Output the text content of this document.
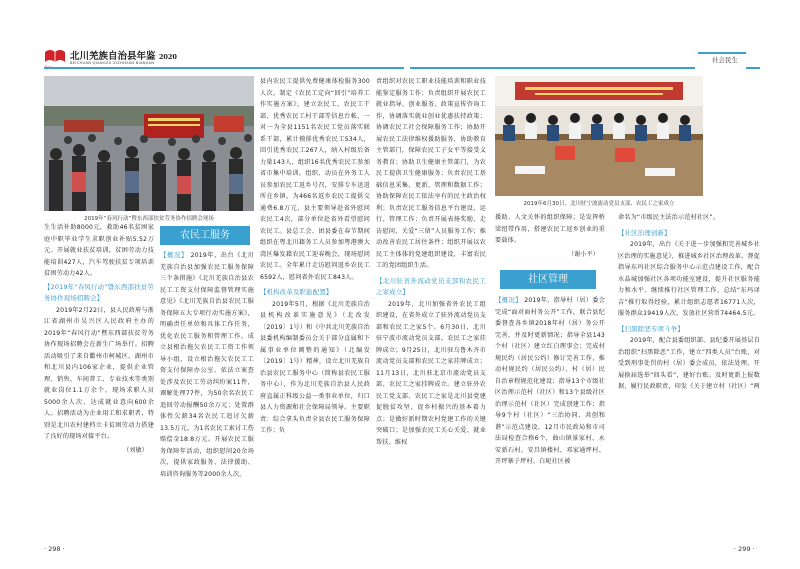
北川羌族自治县年鉴 2020
BEICHUAN QIANGZU ZIZHIXIAN NIANJIAN	社会民生
2019年“春风行动”暨东西部扶贫劳务协作招聘会现场

生生活补助8000元，救助46名贫困家庭中职毕业学生求职创业补贴5.52万元。开展就业扶贫培训，贫困劳动力技能培训427人，汽车驾驶扶贫专项培训贫困劳动力42人。

【2019年“春风行动”暨东西部扶贫劳务协作现场招聘会】

2019年2月22日，县人民政府与浙江省湖州市吴兴区人民政府主办的2019年“春风行动”暨东西部扶贫劳务协作现场招聘会在新生广场举行。招聘活动吸引了来自衢州市柯城区、湖州市和北川县内106家企业，提供企业管理、销售、车间普工、专业技术等类别就业岗位1.1万余个，现场求职人员5000余人次，达成就业意向600余人。招聘活动为企业用工和求职者，特别是北川农村建档立卡贫困劳动力搭建了良好的现场对接平台。

（刘敏）

农民工服务

【概况】 2019年，出台《北川羌族自治县加强农民工服务保障三个条措施》《北川羌族自治县农民工工资支付保障监督管理实施意见》《北川羌族自治县农民工服务保障五大专项行动实施方案》，明确责任单位和具体工作任务，优化农民工服务和管理工作。成立县根治拖欠农民工工资工作领导小组，设立根治拖欠农民工工资支付保障办公室，依法立案查处涉及农民工劳动纠纷案11件，调解处理77件，为50余名农民工追回劳动报酬50余万元；处置群体性欠薪34名农民工追讨欠薪13.5万元，为1名农民工索讨工伤赔偿金18.8万元。开展农民工服务保障年活动，组织慰问20余场次，提供家政服务、法律援助、培训咨询服务等2000余人次。

县内农民工提供免费健康体检服务300人次。制定《农民工定向“回引”培养工作实施方案》，建立农民工、农民工干部、优秀农民工村干部等信息台帐，一对一为全县1151名农民工党员落实联系干部，累计摸排优秀农民工534人，回引优秀农民工267人，纳入村级后备力量143人，组织16名优秀农民工参加省市集中培训。组织、动员在外务工人员参加农民工返乡号召，安排专车送返所在乡镇，为466名返乡农民工提供交通费6.8万元，县主要领导赴省外慰问农民工4次，部分单位赴省外看望慰问农民工。县总工会、团县委在春节期间组织在粤北川籍务工人员参加粤港澳大湾区爆发籍农民工迎春晚会，现场慰问农民工。全年累计走访慰问返乡农民工6592人，慰问省外农民工843人。

【机构改革及职能配置】

2019年5月，根据《北川羌族自治县机构改革实施意见》（北改发〔2019〕1号）和《中共北川羌族自治县委机构编制委员会关于部分直属和下属事业单位调整的通知》（北编发〔2019〕1号）精神，设立北川羌族自治县农民工服务中心（简称县农民工服务中心），作为北川羌族自治县人民政府直属正科级公益一类事业单位，归口县人力资源和社会保障局领导。主要职责：综合拿头负责全县农民工服务保障工作；负

责组织对农民工职业技能培训和职业技能鉴定服务工作；负责组织开展农民工就业指导、创业服务、政策宣传咨询工作，协调落实就业创业优惠扶持政策；协调农民工社会保障服务工作；协助开展农民工法律维权援助服务，协助教育主管部门，保障农民工子女平等接受义务教育；协助卫生健康主管部门，为农民工提供卫生健康服务；负责农民工基础信息采集、更新、管理和数据工作；协助保障农民工依法享有的民主政治权利；负责农民工服务信息平台建设、运行、管理工作；负责开展表扬奖励、走访慰问、关爱“三留”人员服务工作；推动改善农民工居住条件；组织开展以农民工主体体的党建组织建设，丰富农民工的党团组织生活。

【北川驻省外流动党员支部和农民工之家成立】

2019年，北川加强省外农民工组织建设，在省外成立了驻外流动党员支部和农民工之家5个。6月30日，北川驻宁波市流动党员支部、农民工之家挂牌成立；9月25日，北川驻乌鲁木齐市流动党员支部和农民工之家挂牌成立；11月13日，北川驻北京市流动党员支部、农民工之家挂牌成立。建立驻外农民工党支部、农民工之家是北川县党建促脱贫攻坚、促乡村振兴的基本着力点；是做好新时期农村党建工作的关键突破口；是加强农民工关心关爱、就业帮扶、维权

· 298 ·
2019年6月30日，北川驻宁波流动党员支部、农民工之家成立

援助、人文关怀的组织保障；是发挥桥梁纽带作用，搭建农民工返乡创业的重要载体。

（谢小平）

社区管理

【概况】 2019年，指导村（居）委会完成“面对面村务公开”工作，联合县纪委督查各乡镇2018年村（居）务公开完善，并及时更新情况；指导全县143个村（社区）建立红白理事会；完成村规民约（居民公约）修订完善工作，推动村规民约（居民公约）、村（居）民自治章程规范化建设；指导13个市级社区治理示范村（社区）和13个县级社区治理示范村（社区）完成创建工作；指导9个村（社区）“三治协同、共创和谐”示范点建设，12月市民政局和市司法局检查合格6个，曲山镇景家村、永安新石村、安昌镇楼村、邓家通坪村、开坪寨子坪村、白坭社区被

命名为“市级民主法治示范村社区”。

【社区治理创新】

2019年，出台《关于进一步加强和完善城乡社区治理的实施意见》，推进城乡社区治理改革。督促指导东玛社区综合服务中心示范点建设工作，配合水晶城加强社区各项功能室建设，提升社区服务能力和水平。继续推行社区管理工作，总结“东玛译吉”推行取得经验，累计组织志愿者16771人次，服务群众19419人次，发放社区营币74464.5元。

【扫黑除恶专项斗争】

2019年，配合县委组织部、县纪委开展基层自治组织“扫黑除恶”工作，建立“四类人员”台账，对受到刑事处罚的村（居）委会成员，依法处理。开展换届选举“回头看”，建好台账。及时更新上报数据，履行民政职责，印发《关于建立村（社区）“两

· 299 ·
